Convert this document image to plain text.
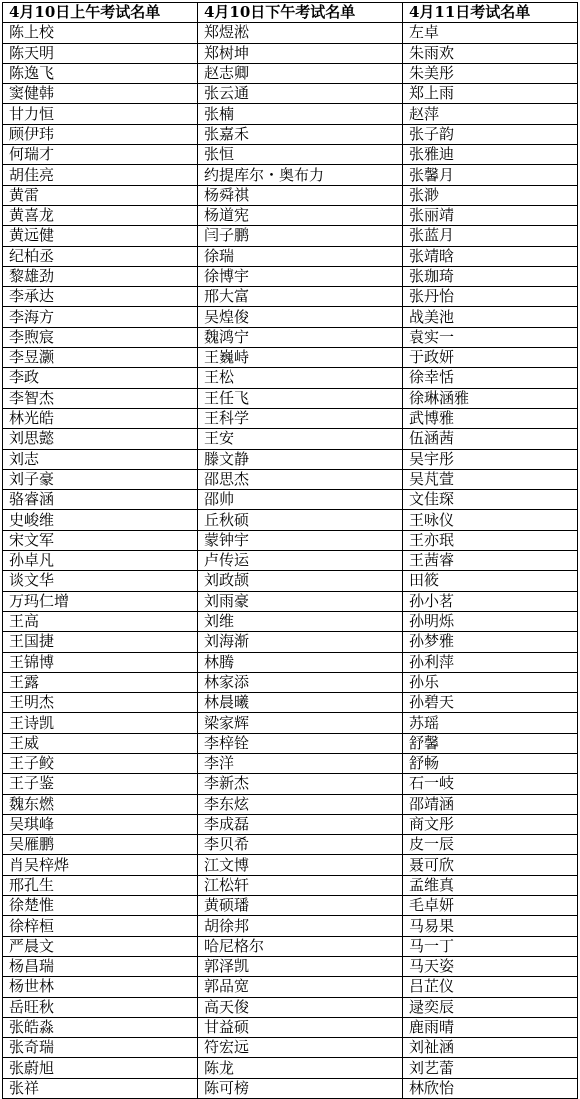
4月10日上午考试名单	4月10日下午考试名单	4月11日考试名单
陈上校	郑煜淞	左卓
陈天明	郑树坤	朱雨欢
陈逸飞	赵志卿	朱美彤
窦健韩	张云通	郑上雨
甘力恒	张楠	赵萍
顾伊玮	张嘉禾	张子韵
何瑞才	张恒	张雅迪
胡佳亮	约提库尔・奥布力	张馨月
黄雷	杨舜祺	张渺
黄喜龙	杨道宪	张丽靖
黄远健	闫子鹏	张蓝月
纪柏丞	徐瑞	张靖晗
黎雄劲	徐博宇	张珈琦
李承达	邢大富	张丹怡
李海方	吴煌俊	战美池
李煦宸	魏鸿宁	袁实一
李昱灏	王巍峙	于政妍
李政	王松	徐幸恬
李智杰	王任飞	徐琳涵雅
林光皓	王科学	武博雅
刘思懿	王安	伍涵茜
刘志	滕文静	吴宇彤
刘子豪	邵思杰	吴芃萱
骆睿涵	邵帅	文佳琛
史峻维	丘秋硕	王咏仪
宋文军	蒙钟宇	王亦珉
孙卓凡	卢传运	王茜睿
谈文华	刘政颉	田筱
万玛仁增	刘雨豪	孙小茗
王高	刘维	孙明烁
王国捷	刘海渐	孙梦雅
王锦博	林腾	孙利萍
王露	林家添	孙乐
王明杰	林晨曦	孙碧天
王诗凯	梁家辉	苏瑶
王威	李梓铨	舒馨
王子鲛	李洋	舒畅
王子鉴	李新杰	石一岐
魏东燃	李东炫	邵靖涵
吴琪峰	李成磊	商文彤
吴雁鹏	李贝希	皮一辰
肖吴梓烨	江文博	聂可欣
邢孔生	江松轩	孟维真
徐楚惟	黄硕璠	毛卓妍
徐梓桓	胡徐邦	马易果
严晨文	哈尼格尔	马一丁
杨昌瑞	郭泽凯	马天姿
杨世林	郭品宽	吕芷仪
岳旺秋	高天俊	逯奕辰
张皓淼	甘益硕	鹿雨晴
张奇瑞	符宏远	刘祉涵
张蔚旭	陈龙	刘艺蕾
张祥	陈可榜	林欣怡
